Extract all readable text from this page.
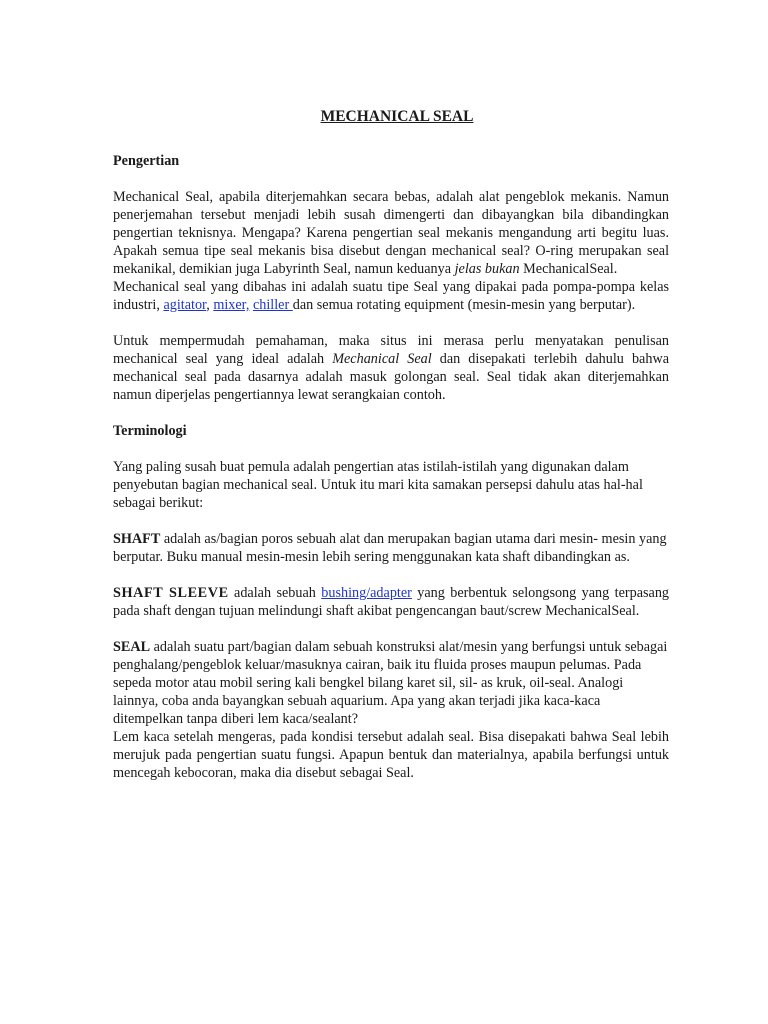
MECHANICAL SEAL
Pengertian

Mechanical Seal, apabila diterjemahkan secara bebas, adalah alat pengeblok mekanis. Namun penerjemahan tersebut menjadi lebih susah dimengerti dan dibayangkan bila dibandingkan pengertian teknisnya. Mengapa? Karena pengertian seal mekanis mengandung arti begitu luas. Apakah semua tipe seal mekanis bisa disebut dengan mechanical seal? O-ring merupakan seal mekanikal, demikian juga Labyrinth Seal, namun keduanya jelas bukan MechanicalSeal.

Mechanical seal yang dibahas ini adalah suatu tipe Seal yang dipakai pada pompa-pompa kelas industri, agitator, mixer, chiller dan semua rotating equipment (mesin-mesin yang berputar).

Untuk mempermudah pemahaman, maka situs ini merasa perlu menyatakan penulisan mechanical seal yang ideal adalah Mechanical Seal dan disepakati terlebih dahulu bahwa mechanical seal pada dasarnya adalah masuk golongan seal. Seal tidak akan diterjemahkan namun diperjelas pengertiannya lewat serangkaian contoh.

Terminologi

Yang paling susah buat pemula adalah pengertian atas istilah-istilah yang digunakan dalam penyebutan bagian mechanical seal. Untuk itu mari kita samakan persepsi dahulu atas hal-hal sebagai berikut:

SHAFT adalah as/bagian poros sebuah alat dan merupakan bagian utama dari mesin- mesin yang berputar. Buku manual mesin-mesin lebih sering menggunakan kata shaft dibandingkan as.

SHAFT SLEEVE adalah sebuah bushing/adapter yang berbentuk selongsong yang terpasang pada shaft dengan tujuan melindungi shaft akibat pengencangan baut/screw MechanicalSeal.

SEAL adalah suatu part/bagian dalam sebuah konstruksi alat/mesin yang berfungsi untuk sebagai penghalang/pengeblok keluar/masuknya cairan, baik itu fluida proses maupun pelumas. Pada sepeda motor atau mobil sering kali bengkel bilang karet sil, sil- as kruk, oil-seal. Analogi lainnya, coba anda bayangkan sebuah aquarium. Apa yang akan terjadi jika kaca-kaca ditempelkan tanpa diberi lem kaca/sealant?

Lem kaca setelah mengeras, pada kondisi tersebut adalah seal. Bisa disepakati bahwa Seal lebih merujuk pada pengertian suatu fungsi. Apapun bentuk dan materialnya, apabila berfungsi untuk mencegah kebocoran, maka dia disebut sebagai Seal.
